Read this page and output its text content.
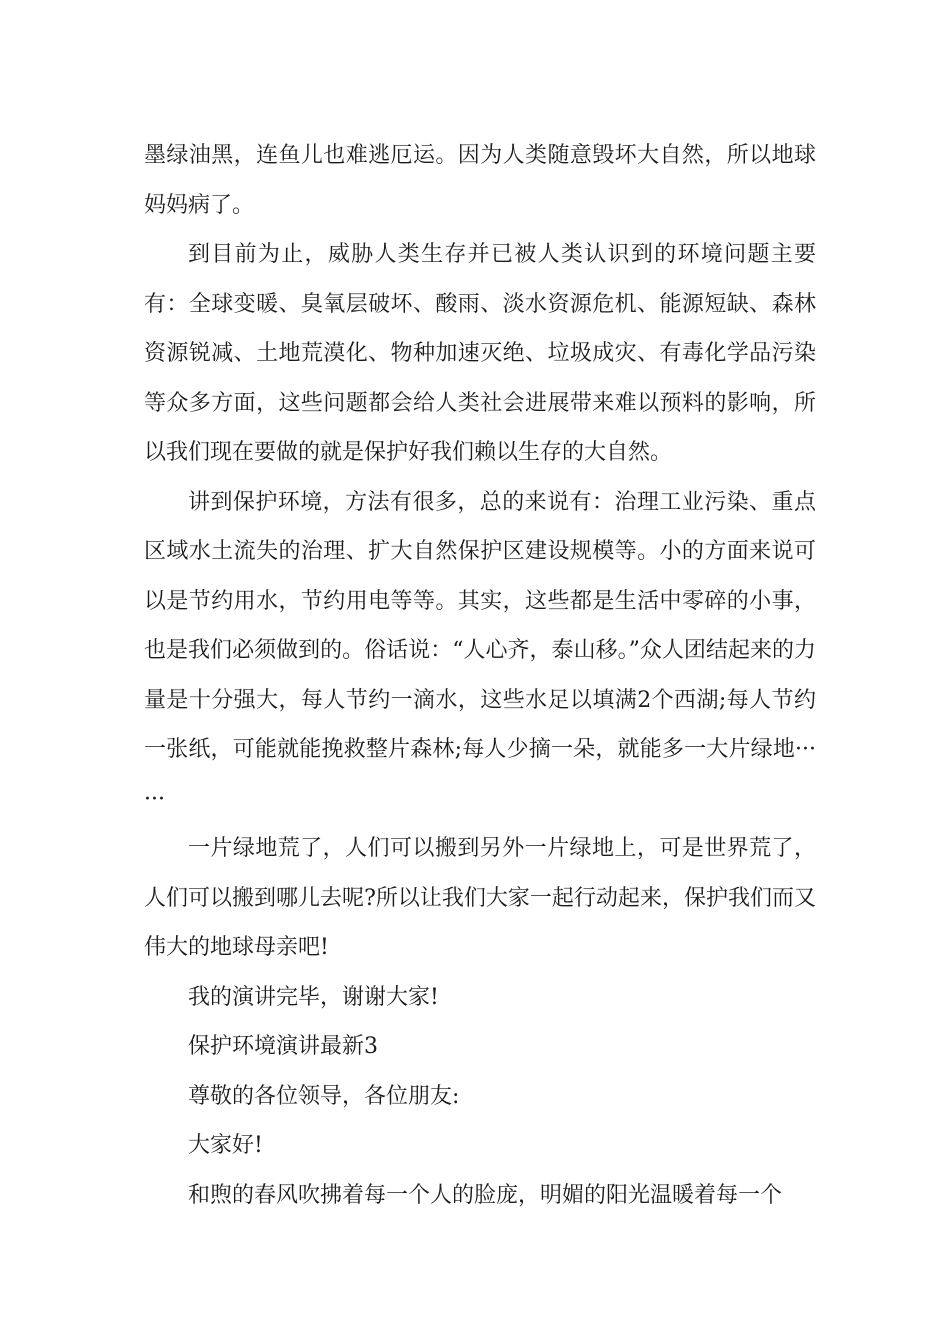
墨绿油黑，连鱼儿也难逃厄运。因为人类随意毁坏大自然，所以地球妈妈病了。

到目前为止，威胁人类生存并已被人类认识到的环境问题主要有：全球变暖、臭氧层破坏、酸雨、淡水资源危机、能源短缺、森林资源锐减、土地荒漠化、物种加速灭绝、垃圾成灾、有毒化学品污染等众多方面，这些问题都会给人类社会进展带来难以预料的影响，所以我们现在要做的就是保护好我们赖以生存的大自然。

讲到保护环境，方法有很多，总的来说有：治理工业污染、重点区域水土流失的治理、扩大自然保护区建设规模等。小的方面来说可以是节约用水，节约用电等等。其实，这些都是生活中零碎的小事，也是我们必须做到的。俗话说：“人心齐，泰山移。”众人团结起来的力量是十分强大，每人节约一滴水，这些水足以填满2个西湖;每人节约一张纸，可能就能挽救整片森林;每人少摘一朵，就能多一大片绿地······

一片绿地荒了，人们可以搬到另外一片绿地上，可是世界荒了，人们可以搬到哪儿去呢?所以让我们大家一起行动起来，保护我们而又伟大的地球母亲吧!

我的演讲完毕，谢谢大家!

保护环境演讲最新3

尊敬的各位领导，各位朋友:

大家好!

和煦的春风吹拂着每一个人的脸庞，明媚的阳光温暖着每一个
